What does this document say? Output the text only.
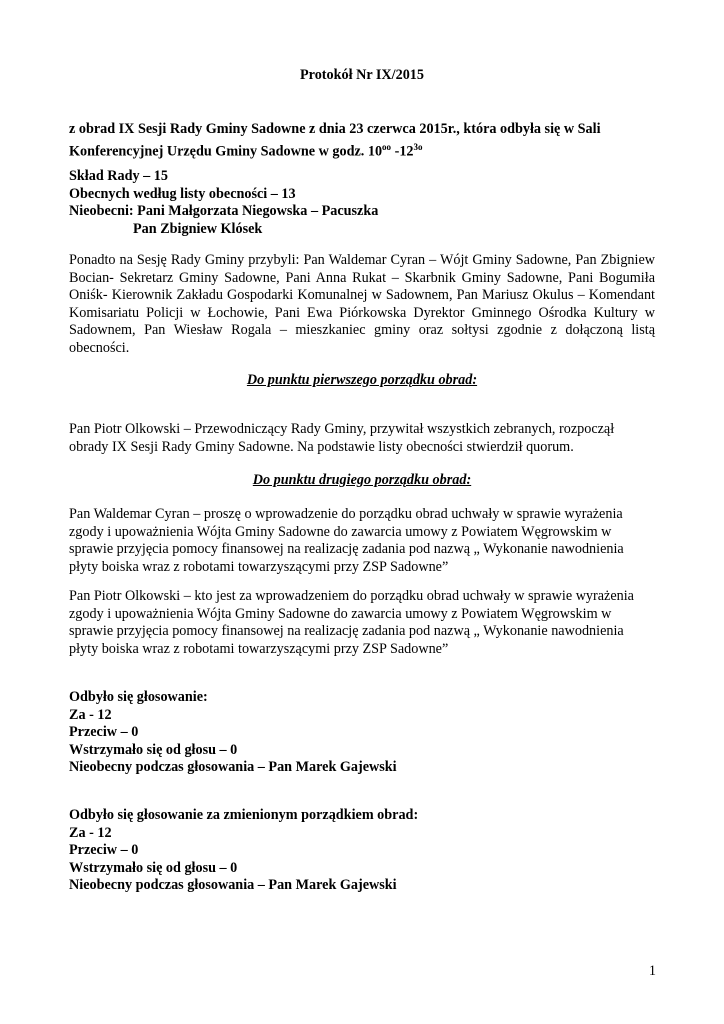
Protokół Nr IX/2015

z obrad IX Sesji Rady Gminy Sadowne z dnia 23 czerwca 2015r., która odbyła się w Sali Konferencyjnej Urzędu Gminy Sadowne w godz. $10^{oo}$ $-12^{3o}$

Skład Rady – 15
Obecnych według listy obecności – 13
Nieobecni: Pani Małgorzata Niegowska – Pacuszka
Pan Zbigniew Klósek

Ponadto na Sesję Rady Gminy przybyli: Pan Waldemar Cyran – Wójt Gminy Sadowne, Pan Zbigniew Bocian- Sekretarz Gminy Sadowne, Pani Anna Rukat – Skarbnik Gminy Sadowne, Pani Bogumiła Oniśk- Kierownik Zakładu Gospodarki Komunalnej w Sadownem, Pan Mariusz Okulus – Komendant Komisariatu Policji w Łochowie, Pani Ewa Piórkowska Dyrektor Gminnego Ośrodka Kultury w Sadownem, Pan Wiesław Rogala – mieszkaniec gminy oraz sołtysi zgodnie z dołączoną listą obecności.

Do punktu pierwszego porządku obrad:
Pan Piotr Olkowski – Przewodniczący Rady Gminy, przywitał wszystkich zebranych, rozpoczął
obrady IX Sesji Rady Gminy Sadowne. Na podstawie listy obecności stwierdził quorum.
Do punktu drugiego porządku obrad:
Pan Waldemar Cyran – proszę o wprowadzenie do porządku obrad uchwały w sprawie wyrażenia
zgody i upoważnienia Wójta Gminy Sadowne do zawarcia umowy z Powiatem Węgrowskim w
sprawie przyjęcia pomocy finansowej na realizację zadania pod nazwą „ Wykonanie nawodnienia
płyty boiska wraz z robotami towarzyszącymi przy ZSP Sadowne”
Pan Piotr Olkowski – kto jest za wprowadzeniem do porządku obrad uchwały w sprawie wyrażenia
zgody i upoważnienia Wójta Gminy Sadowne do zawarcia umowy z Powiatem Węgrowskim w
sprawie przyjęcia pomocy finansowej na realizację zadania pod nazwą „ Wykonanie nawodnienia
płyty boiska wraz z robotami towarzyszącymi przy ZSP Sadowne”
Odbyło się głosowanie:
Za - 12
Przeciw – 0
Wstrzymało się od głosu – 0
Nieobecny podczas głosowania – Pan Marek Gajewski
Odbyło się głosowanie za zmienionym porządkiem obrad:
Za - 12
Przeciw – 0
Wstrzymało się od głosu – 0
Nieobecny podczas głosowania – Pan Marek Gajewski
1
